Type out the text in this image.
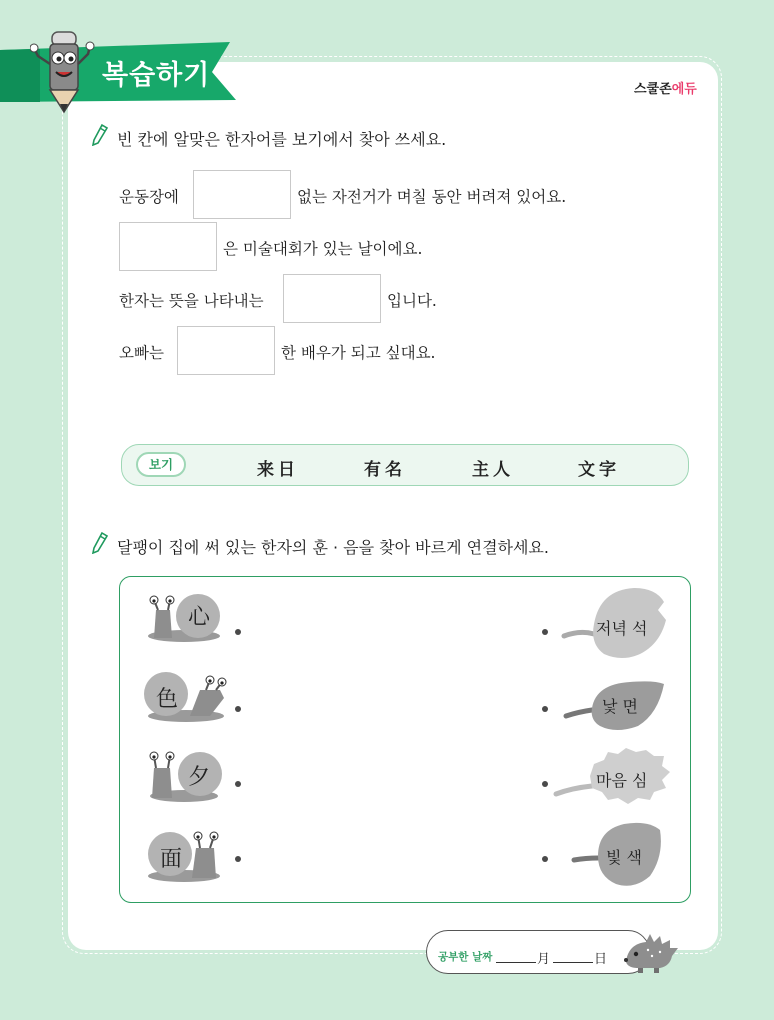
복습하기	스쿨존에듀
빈 칸에 알맞은 한자어를 보기에서 찾아 쓰세요.
운동장에	없는 자전거가 며칠 동안 버려져 있어요.
은 미술대회가 있는 날이에요.
한자는 뜻을 나타내는	입니다.
오빠는	한 배우가 되고 싶대요.
보기	来日	有名	主人	文字
달팽이 집에 써 있는 한자의 훈 · 음을 찾아 바르게 연결하세요.
心
色
夕
面
저녁 석
낯 면
마음 심
빛 색
공부한 날짜	月	日
